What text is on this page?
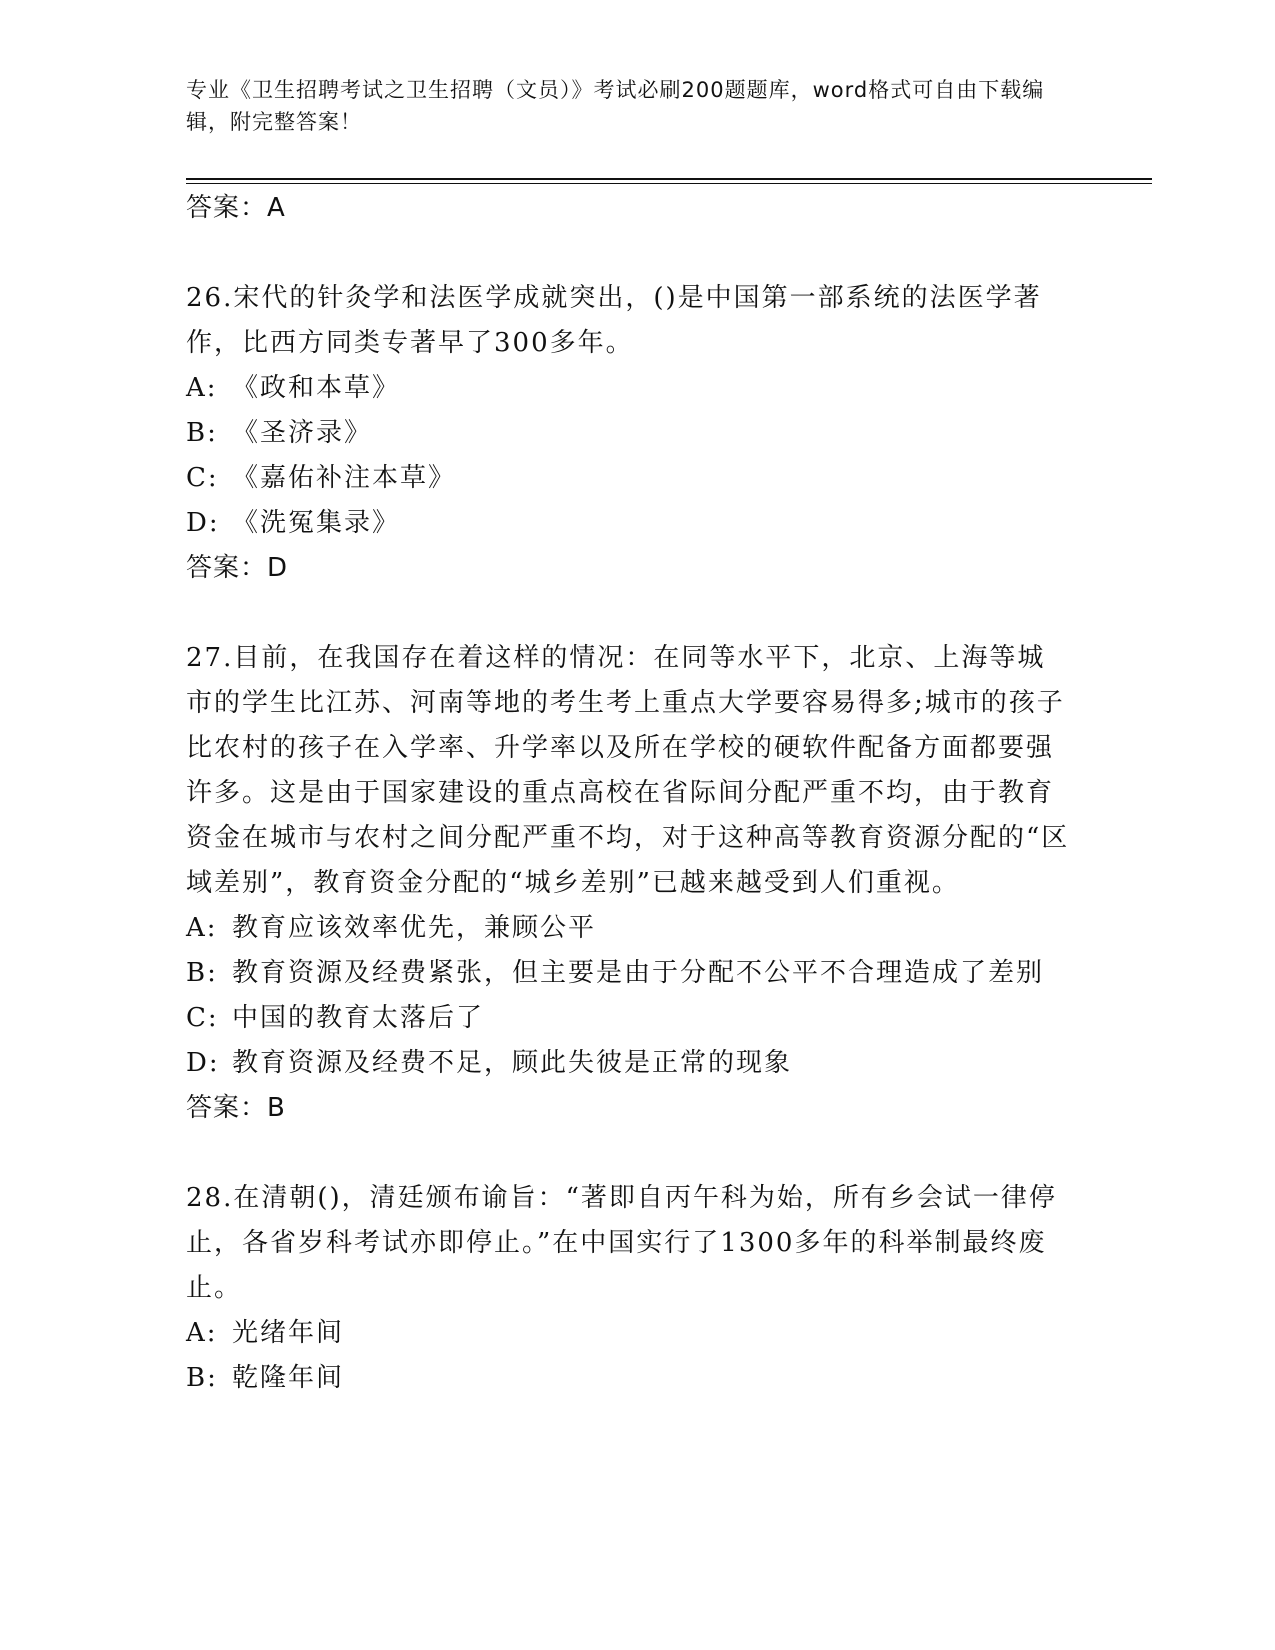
专业《卫生招聘考试之卫生招聘（文员）》考试必刷200题题库，word格式可自由下载编辑，附完整答案！
答案：A

26.宋代的针灸学和法医学成就突出，()是中国第一部系统的法医学著作，比西方同类专著早了300多年。

A: 《政和本草》
B: 《圣济录》
C: 《嘉佑补注本草》
D: 《洗冤集录》
答案：D

27.目前，在我国存在着这样的情况：在同等水平下，北京、上海等城市的学生比江苏、河南等地的考生考上重点大学要容易得多;城市的孩子比农村的孩子在入学率、升学率以及所在学校的硬软件配备方面都要强许多。这是由于国家建设的重点高校在省际间分配严重不均，由于教育资金在城市与农村之间分配严重不均，对于这种高等教育资源分配的“区域差别”，教育资金分配的“城乡差别”已越来越受到人们重视。

A: 教育应该效率优先，兼顾公平
B: 教育资源及经费紧张，但主要是由于分配不公平不合理造成了差别
C: 中国的教育太落后了
D: 教育资源及经费不足，顾此失彼是正常的现象
答案：B

28.在清朝()，清廷颁布谕旨：“著即自丙午科为始，所有乡会试一律停止，各省岁科考试亦即停止。”在中国实行了1300多年的科举制最终废止。

A: 光绪年间
B: 乾隆年间
